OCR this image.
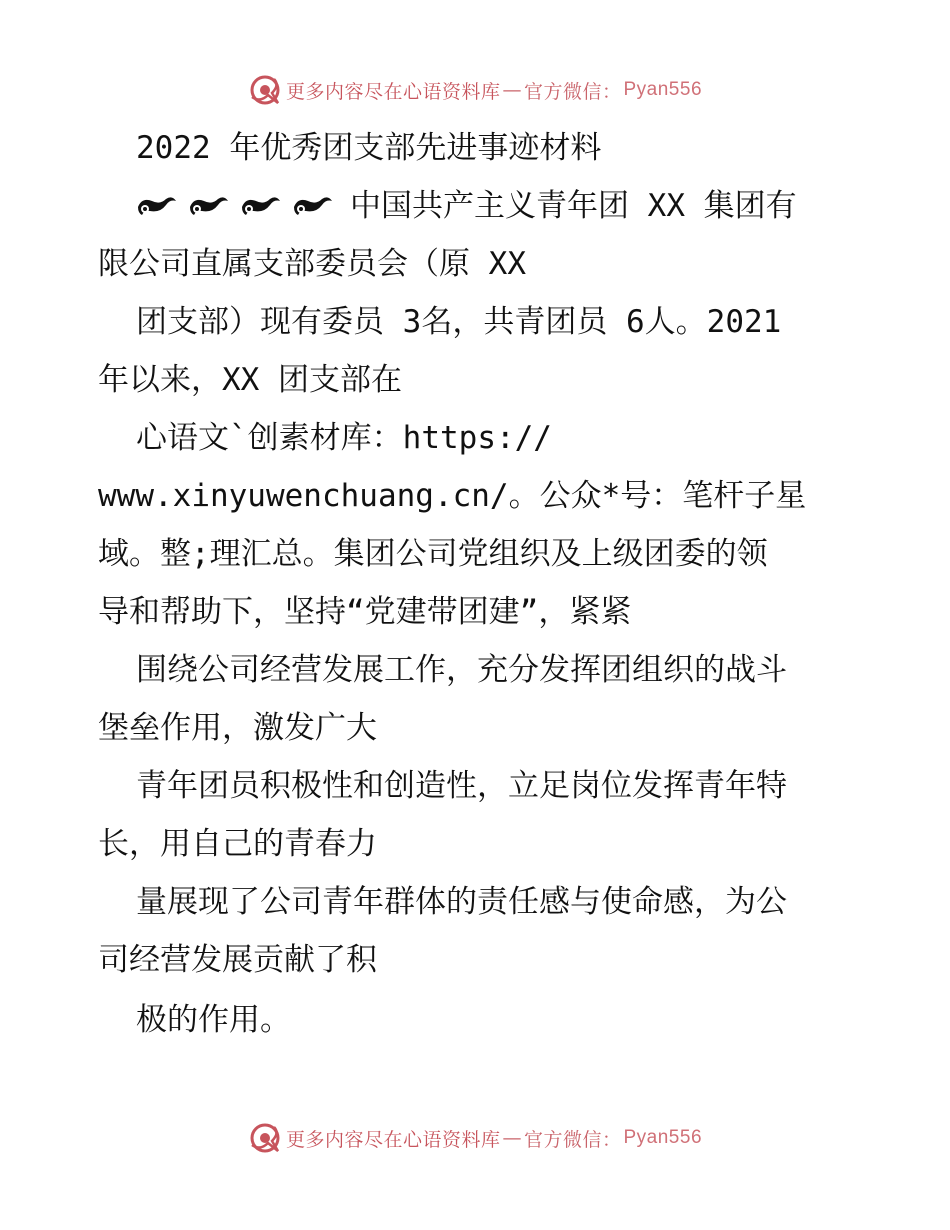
更多内容尽在心语资料库 — 官方微信： Pyan556
2022 年优秀团支部先进事迹材料
中国共产主义青年团 XX 集团有
限公司直属支部委员会（原 XX
团支部）现有委员 3名，共青团员 6人。2021
年以来，XX 团支部在
心语文`创素材库：https://
www.xinyuwenchuang.cn/。公众*号：笔杆子星
域。整;理汇总。集团公司党组织及上级团委的领
导和帮助下，坚持“党建带团建”，紧紧
围绕公司经营发展工作，充分发挥团组织的战斗
堡垒作用，激发广大
青年团员积极性和创造性，立足岗位发挥青年特
长，用自己的青春力
量展现了公司青年群体的责任感与使命感，为公
司经营发展贡献了积
极的作用。
更多内容尽在心语资料库 — 官方微信： Pyan556
